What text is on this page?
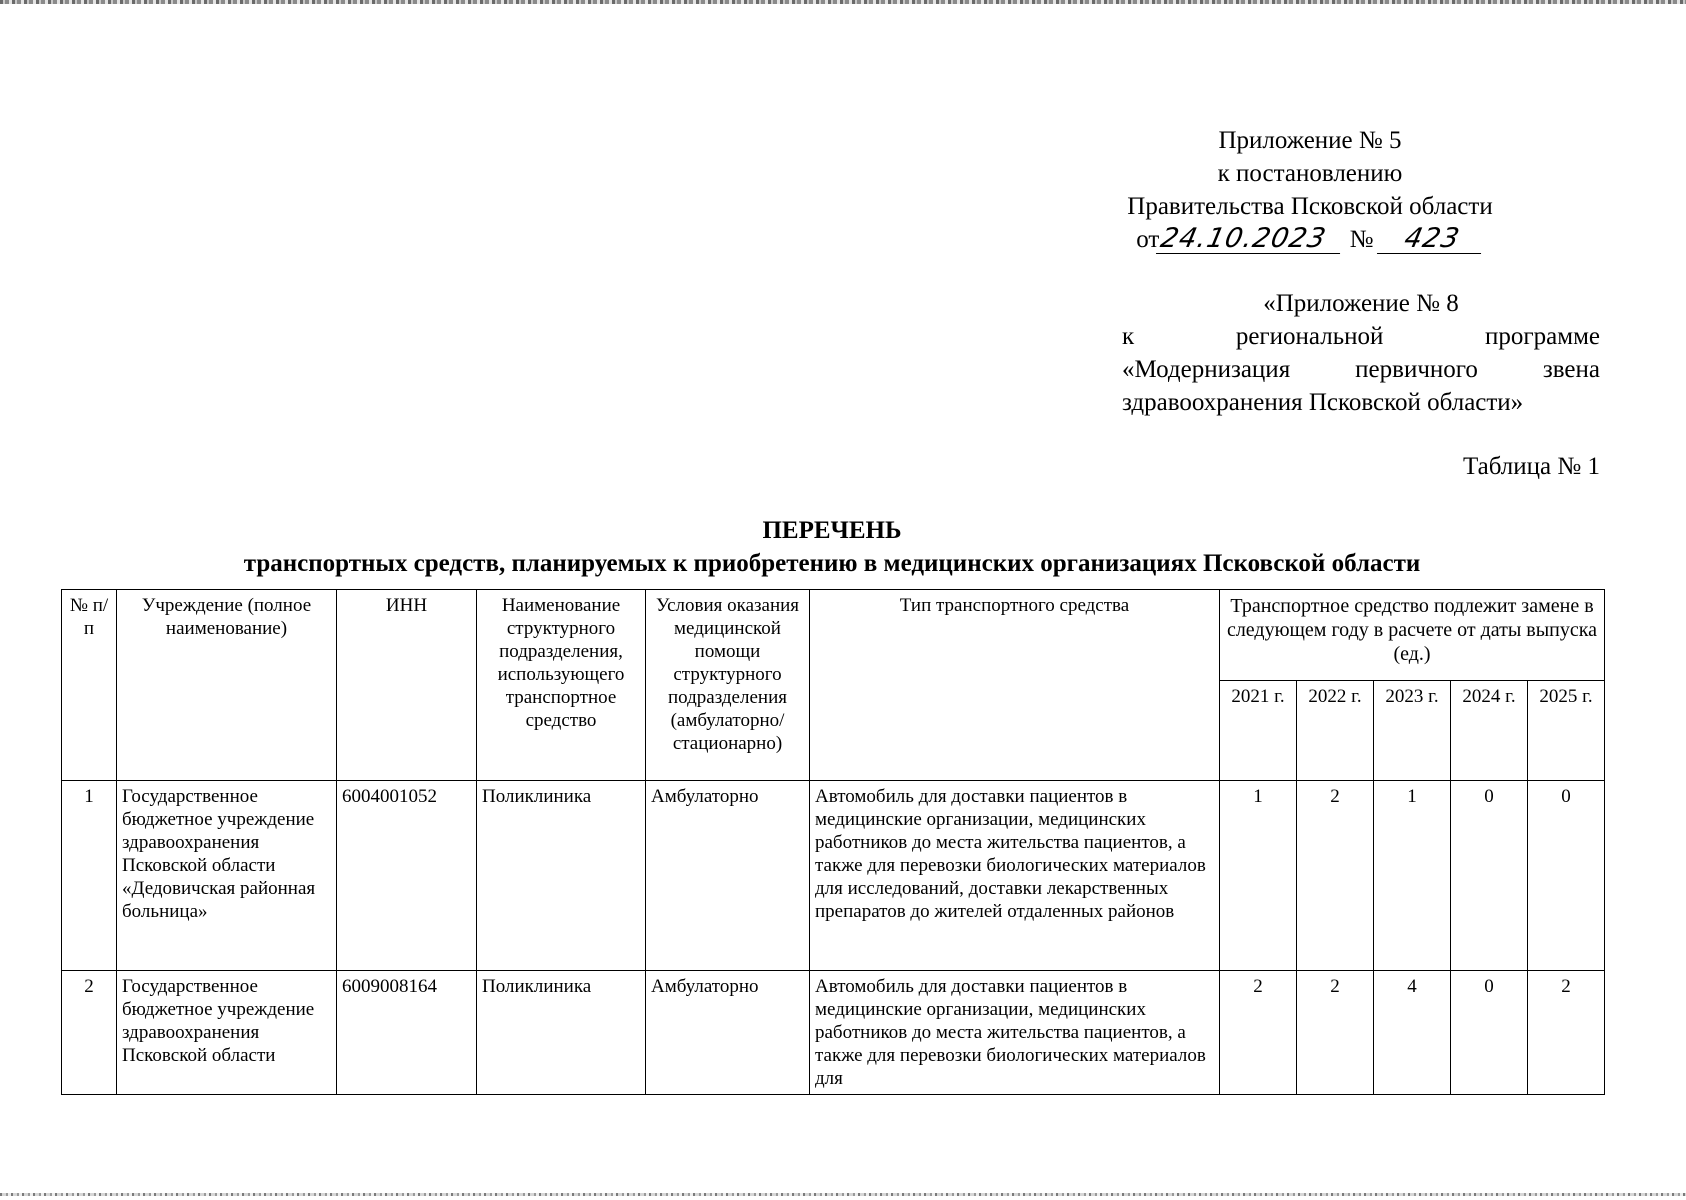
Приложение № 5
к постановлению
Правительства Псковской области
от24.10.2023 № 423
«Приложение № 8
к	региональной	программе
«Модернизация	первичного	звена
здравоохранения Псковской области»
Таблица № 1
ПЕРЕЧЕНЬ
транспортных средств, планируемых к приобретению в медицинских организациях Псковской области
№ п/п	Учреждение (полное наименование)	ИНН	Наименование структурного подразделения, использующего транспортное средство	Условия оказания медицинской помощи структурного подразделения (амбулаторно/ стационарно)	Тип транспортного средства	Транспортное средство подлежит замене в следующем году в расчете от даты выпуска (ед.)				
						2021 г.	2022 г.	2023 г.	2024 г.	2025 г.
1	Государственное бюджетное учреждение здравоохранения Псковской области «Дедовичская районная больница»	6004001052	Поликлиника	Амбулаторно	Автомобиль для доставки пациентов в медицинские организации, медицинских работников до места жительства пациентов, а также для перевозки биологических материалов для исследований, доставки лекарственных препаратов до жителей отдаленных районов	1	2	1	0	0
2	Государственное бюджетное учреждение здравоохранения Псковской области	6009008164	Поликлиника	Амбулаторно	Автомобиль для доставки пациентов в медицинские организации, медицинских работников до места жительства пациентов, а также для перевозки биологических материалов для	2	2	4	0	2
